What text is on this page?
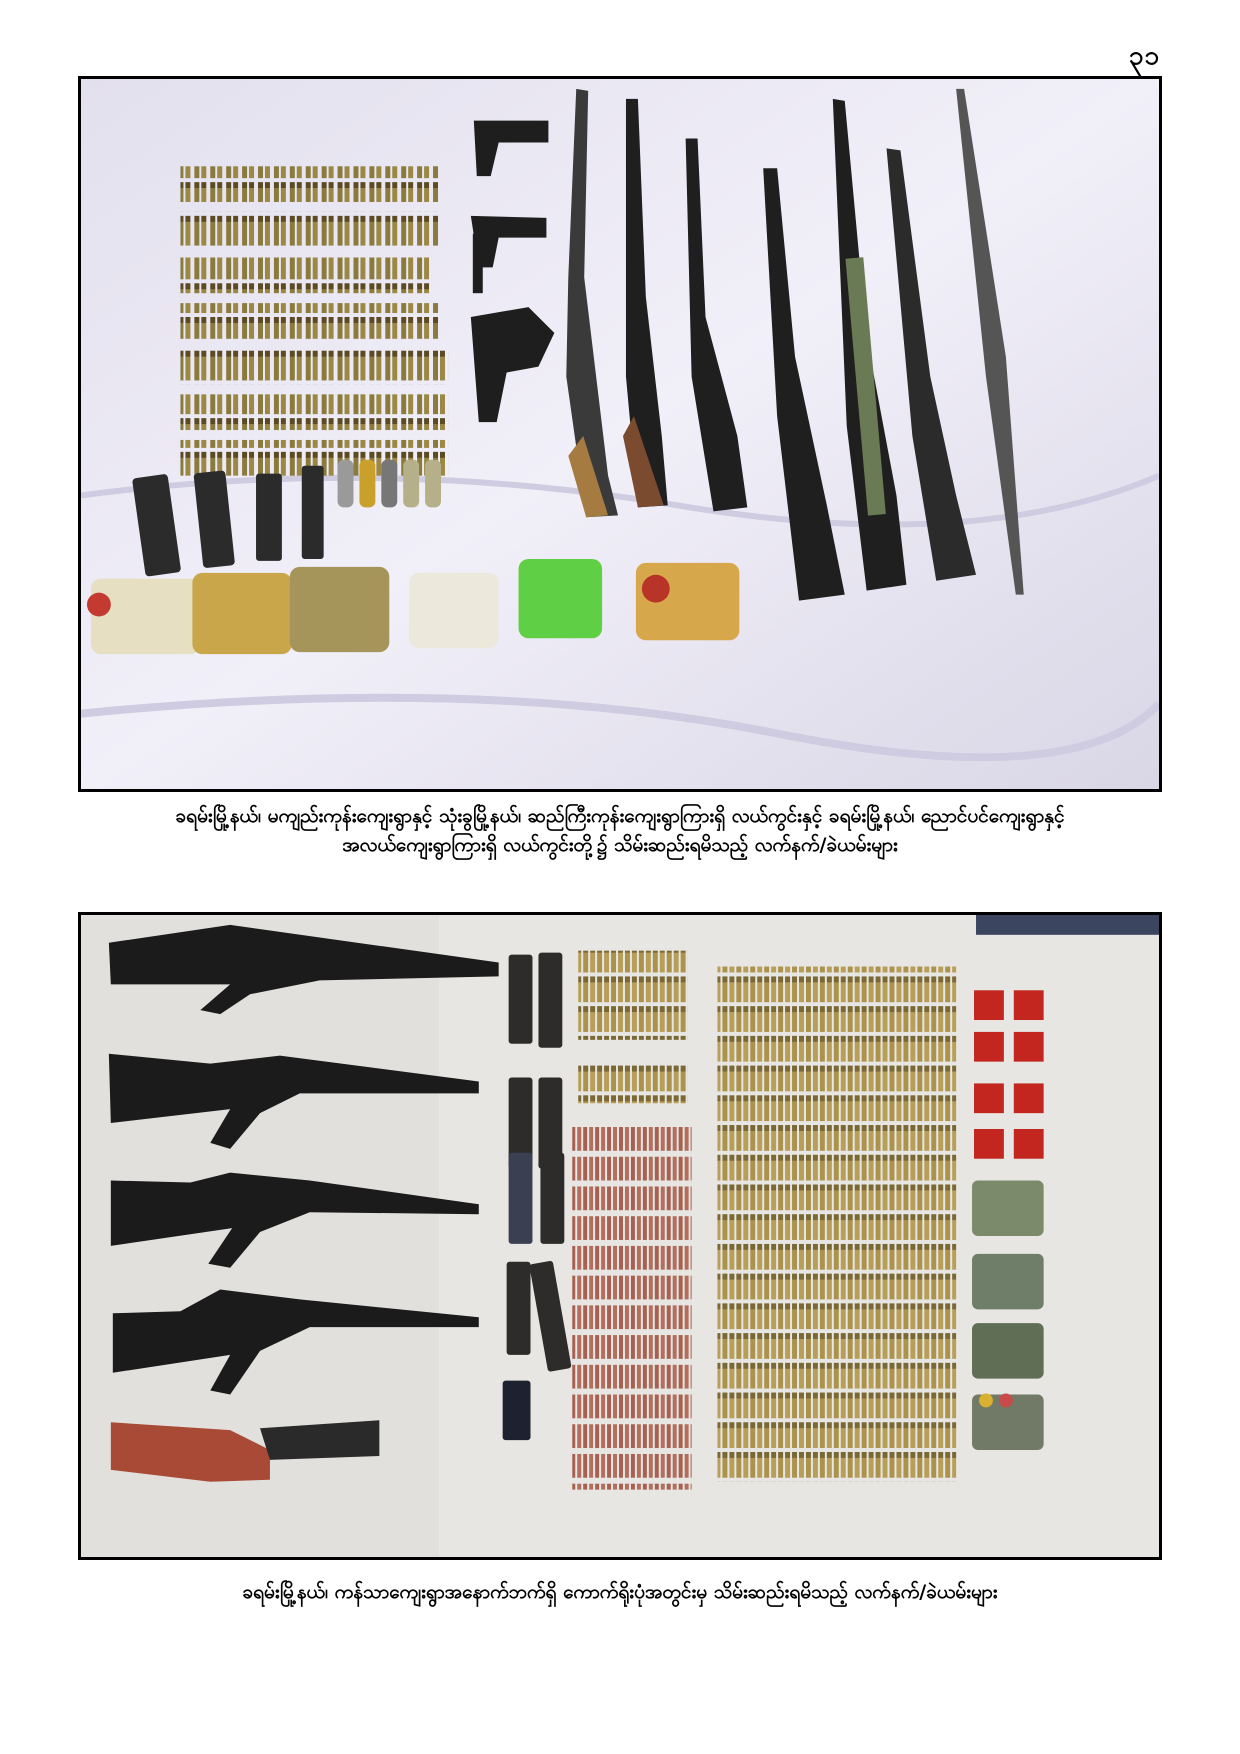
၃၁
ခရမ်းမြို့နယ်၊ မကျည်းကုန်းကျေးရွာနှင့် သုံးခွမြို့နယ်၊ ဆည်ကြီးကုန်းကျေးရွာကြားရှိ လယ်ကွင်းနှင့် ခရမ်းမြို့နယ်၊ ညောင်ပင်ကျေးရွာနှင့်
အလယ်ကျေးရွာကြားရှိ လယ်ကွင်းတို့၌ သိမ်းဆည်းရမိသည့် လက်နက်/ခဲယမ်းများ
ခရမ်းမြို့နယ်၊ ကန်သာကျေးရွာအနောက်ဘက်ရှိ ကောက်ရိုးပုံအတွင်းမှ သိမ်းဆည်းရမိသည့် လက်နက်/ခဲယမ်းများ
